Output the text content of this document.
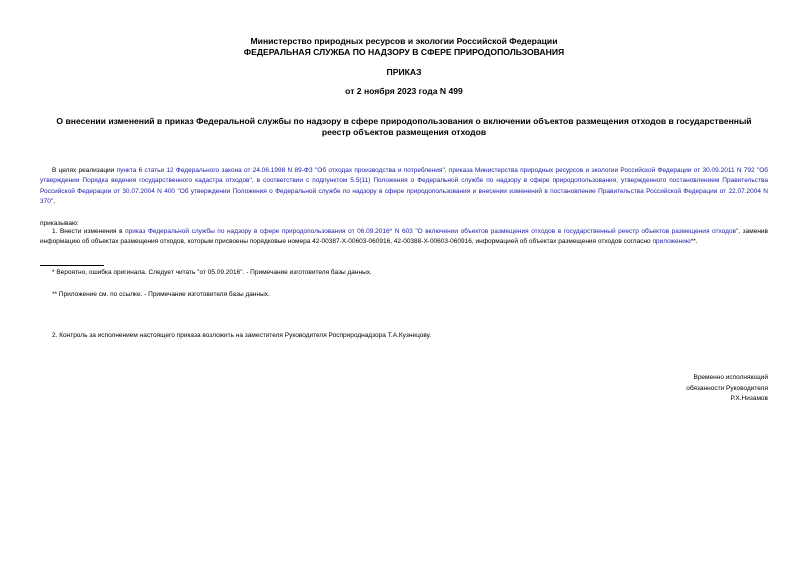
Министерство природных ресурсов и экологии Российской Федерации
ФЕДЕРАЛЬНАЯ СЛУЖБА ПО НАДЗОРУ В СФЕРЕ ПРИРОДОПОЛЬЗОВАНИЯ
ПРИКАЗ
от 2 ноября 2023 года N 499
О внесении изменений в приказ Федеральной службы по надзору в сфере природопользования о включении объектов размещения отходов в государственный
реестр объектов размещения отходов
В целях реализации пункта 6 статьи 12 Федерального закона от 24.06.1998 N 89-ФЗ "Об отходах производства и потребления", приказа Министерства природных ресурсов и экологии Российской Федерации от 30.09.2011 N 792 "Об утверждении Порядка ведения государственного кадастра отходов", в соответствии с подпунктом 5.5(11) Положения о Федеральной службе по надзору в сфере природопользования, утвержденного постановлением Правительства Российской Федерации от 30.07.2004 N 400 "Об утверждении Положения о Федеральной службе по надзору в сфере природопользования и внесении изменений в постановление Правительства Российской Федерации от 22.07.2004 N 370",
приказываю:
1. Внести изменения в приказ Федеральной службы по надзору в сфере природопользования от 06.09.2016* N 603 "О включении объектов размещения отходов в государственный реестр объектов размещения отходов", заменив информацию об объектах размещения отходов, которым присвоены порядковые номера 42-00387-Х-00603-060916, 42-00388-Х-00603-060916, информацией об объектах размещения отходов согласно приложению**.
* Вероятно, ошибка оригинала. Следует читать "от 05.09.2016". - Примечание изготовителя базы данных.
** Приложение см. по ссылке. - Примечание изготовителя базы данных.
2. Контроль за исполнением настоящего приказа возложить на заместителя Руководителя Росприроднадзора Т.А.Кузнецову.
Временно исполняющий
обязанности Руководителя
Р.Х.Низамов
